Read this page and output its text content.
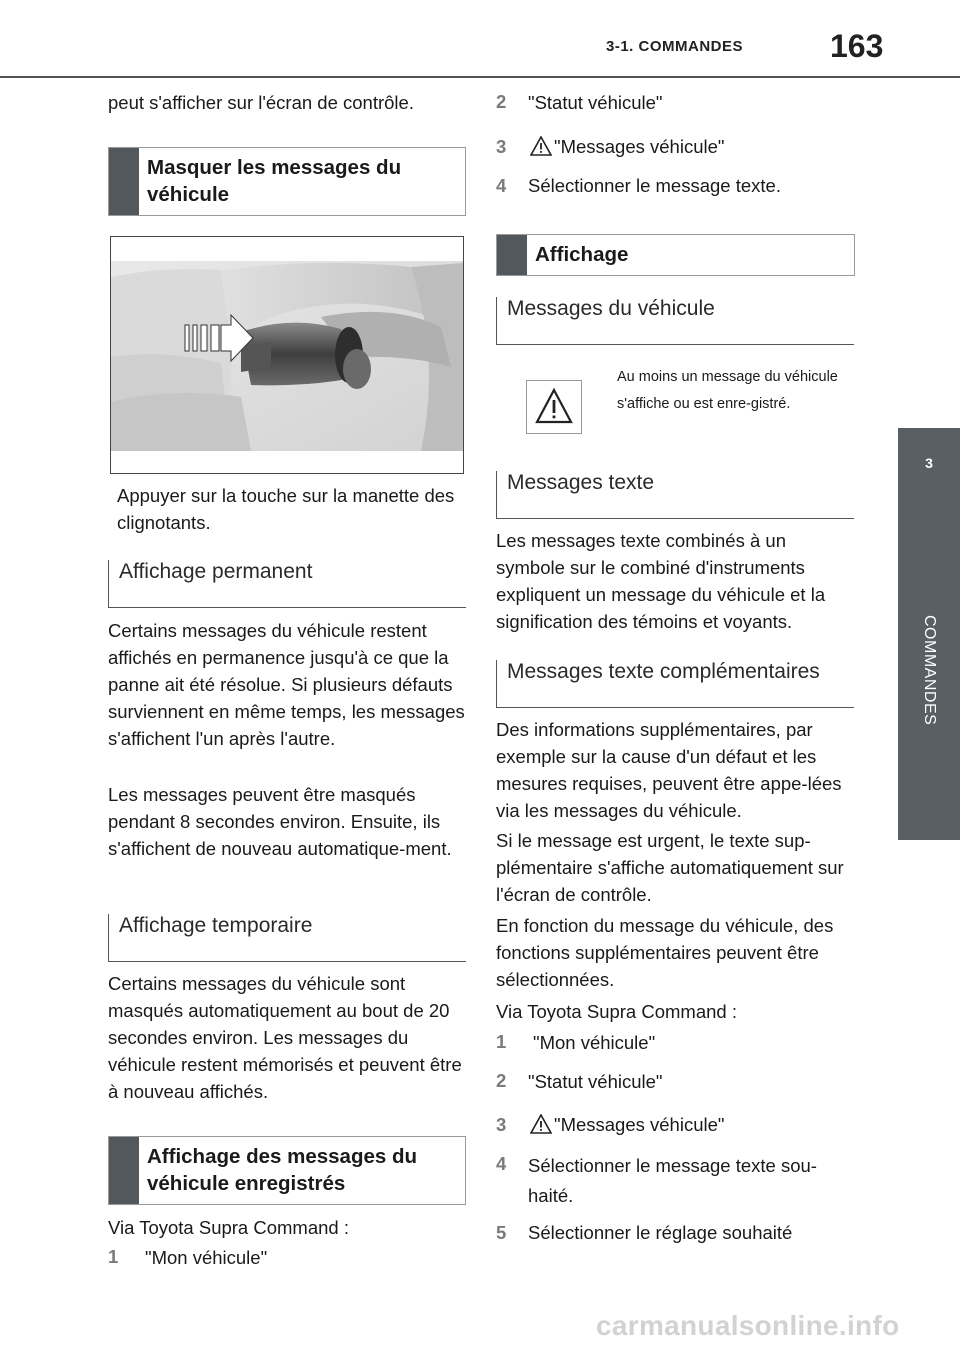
3-1. COMMANDES	163
3
COMMANDES
peut s'afficher sur l'écran de contrôle.
Masquer les messages du véhicule
Appuyer sur la touche sur la manette des clignotants.
Affichage permanent
Certains messages du véhicule restent affichés en permanence jusqu'à ce que la panne ait été résolue. Si plusieurs défauts surviennent en même temps, les messages s'affichent l'un après l'autre.
Les messages peuvent être masqués pendant 8 secondes environ. Ensuite, ils s'affichent de nouveau automatique-ment.
Affichage temporaire
Certains messages du véhicule sont masqués automatiquement au bout de 20 secondes environ. Les messages du véhicule restent mémorisés et peuvent être à nouveau affichés.
Affichage des messages du véhicule enregistrés
Via Toyota Supra Command :
1 "Mon véhicule"
2 "Statut véhicule"
3	"Messages véhicule"
4 Sélectionner le message texte.
Affichage
Messages du véhicule
Au moins un message du véhicule s'affiche ou est enre-gistré.
Messages texte
Les messages texte combinés à un symbole sur le combiné d'instruments expliquent un message du véhicule et la signification des témoins et voyants.
Messages texte complémentaires
Des informations supplémentaires, par exemple sur la cause d'un défaut et les mesures requises, peuvent être appe-lées via les messages du véhicule.
Si le message est urgent, le texte sup-plémentaire s'affiche automatiquement sur l'écran de contrôle.
En fonction du message du véhicule, des fonctions supplémentaires peuvent être sélectionnées.
Via Toyota Supra Command :
1 "Mon véhicule"
2 "Statut véhicule"
3	"Messages véhicule"
4 Sélectionner le message texte sou-haité.
5 Sélectionner le réglage souhaité
carmanualsonline.info
